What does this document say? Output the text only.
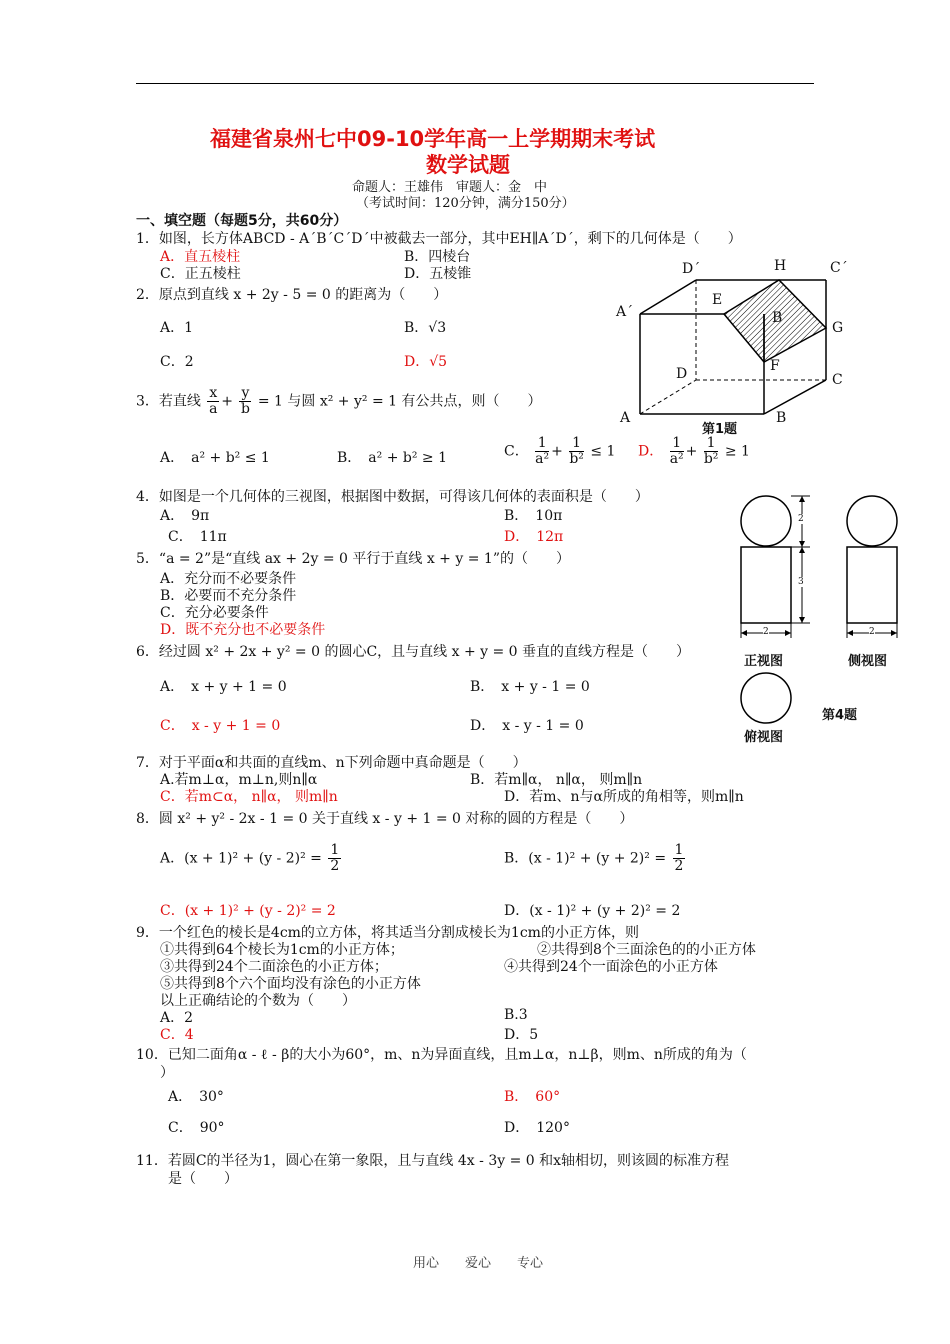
福建省泉州七中09-10学年高一上学期期末考试
数学试题
命题人：王雄伟　审题人：金　中
（考试时间：120分钟，满分150分）
一、填空题（每题5分，共60分）
1．如图，长方体ABCD - A´B´C´D´中被截去一部分，其中EH∥A´D´，剩下的几何体是（　　）
A．直五棱柱	B．四棱台
C．正五棱柱	D．五棱锥
2．原点到直线 x + 2y - 5 = 0 的距离为（　　）
A．1	B．√3
C．2	D．√5
3．若直线 $\frac{x}{a} + \frac{y}{b} = 1$ 与圆 x² + y² = 1 有公共点，则（　　）
A．　a² + b² ≤ 1	B．　a² + b² ≥ 1	C． $\frac{1}{\text{a²}} + \frac{1}{\text{b²}} \le 1$ D． $\frac{1}{\text{a²}} + \frac{1}{\text{b²}} \ge 1$
4．如图是一个几何体的三视图，根据图中数据，可得该几何体的表面积是（　　）
A．　9π	B．　10π
C．　11π	D．　12π
5．“a = 2”是“直线 ax + 2y = 0 平行于直线 x + y = 1”的（　　）
A．充分而不必要条件
B．必要而不充分条件
C．充分必要条件
D．既不充分也不必要条件
6．经过圆 x² + 2x + y² = 0 的圆心C，且与直线 x + y = 0 垂直的直线方程是（　　）
A．　x + y + 1 = 0	B．　x + y - 1 = 0
C．　x - y + 1 = 0	D．　x - y - 1 = 0
7．对于平面α和共面的直线m、n下列命题中真命题是（　　）
A.若m⊥α，m⊥n,则n∥α	B．若m∥α， n∥α， 则m∥n
C．若m⊂α， n∥α， 则m∥n	D．若m、n与α所成的角相等，则m∥n
8．圆 x² + y² - 2x - 1 = 0 关于直线 x - y + 1 = 0 对称的圆的方程是（　　）
A．$(x + 1)^2 + (y - 2)^2 = \frac{1}{2}$	B．$(x - 1)^2 + (y + 2)^2 = \frac{1}{2}$
C．(x + 1)² + (y - 2)² = 2	D．(x - 1)² + (y + 2)² = 2
9．一个红色的棱长是4cm的立方体，将其适当分割成棱长为1cm的小正方体，则
①共得到64个棱长为1cm的小正方体；	②共得到8个三面涂色的的小正方体
③共得到24个二面涂色的小正方体；	④共得到24个一面涂色的小正方体
⑤共得到8个六个面均没有涂色的小正方体
以上正确结论的个数为（　　）
A．2	B.3
C．4	D．5
10．已知二面角α - ℓ - β的大小为60°，m、n为异面直线，且m⊥α，n⊥β，则m、n所成的角为（
）
A．　30°	B．　60°
C．　90°	D．　120°
11．若圆C的半径为1，圆心在第一象限，且与直线 4x - 3y = 0 和x轴相切，则该圆的标准方程
是（　　）
D´	H	C´
E
A´	B
G
F
D	C
A	B
第1题
2
3
2	2
正视图	侧视图
第4题
俯视图
用心　　爱心　　专心
